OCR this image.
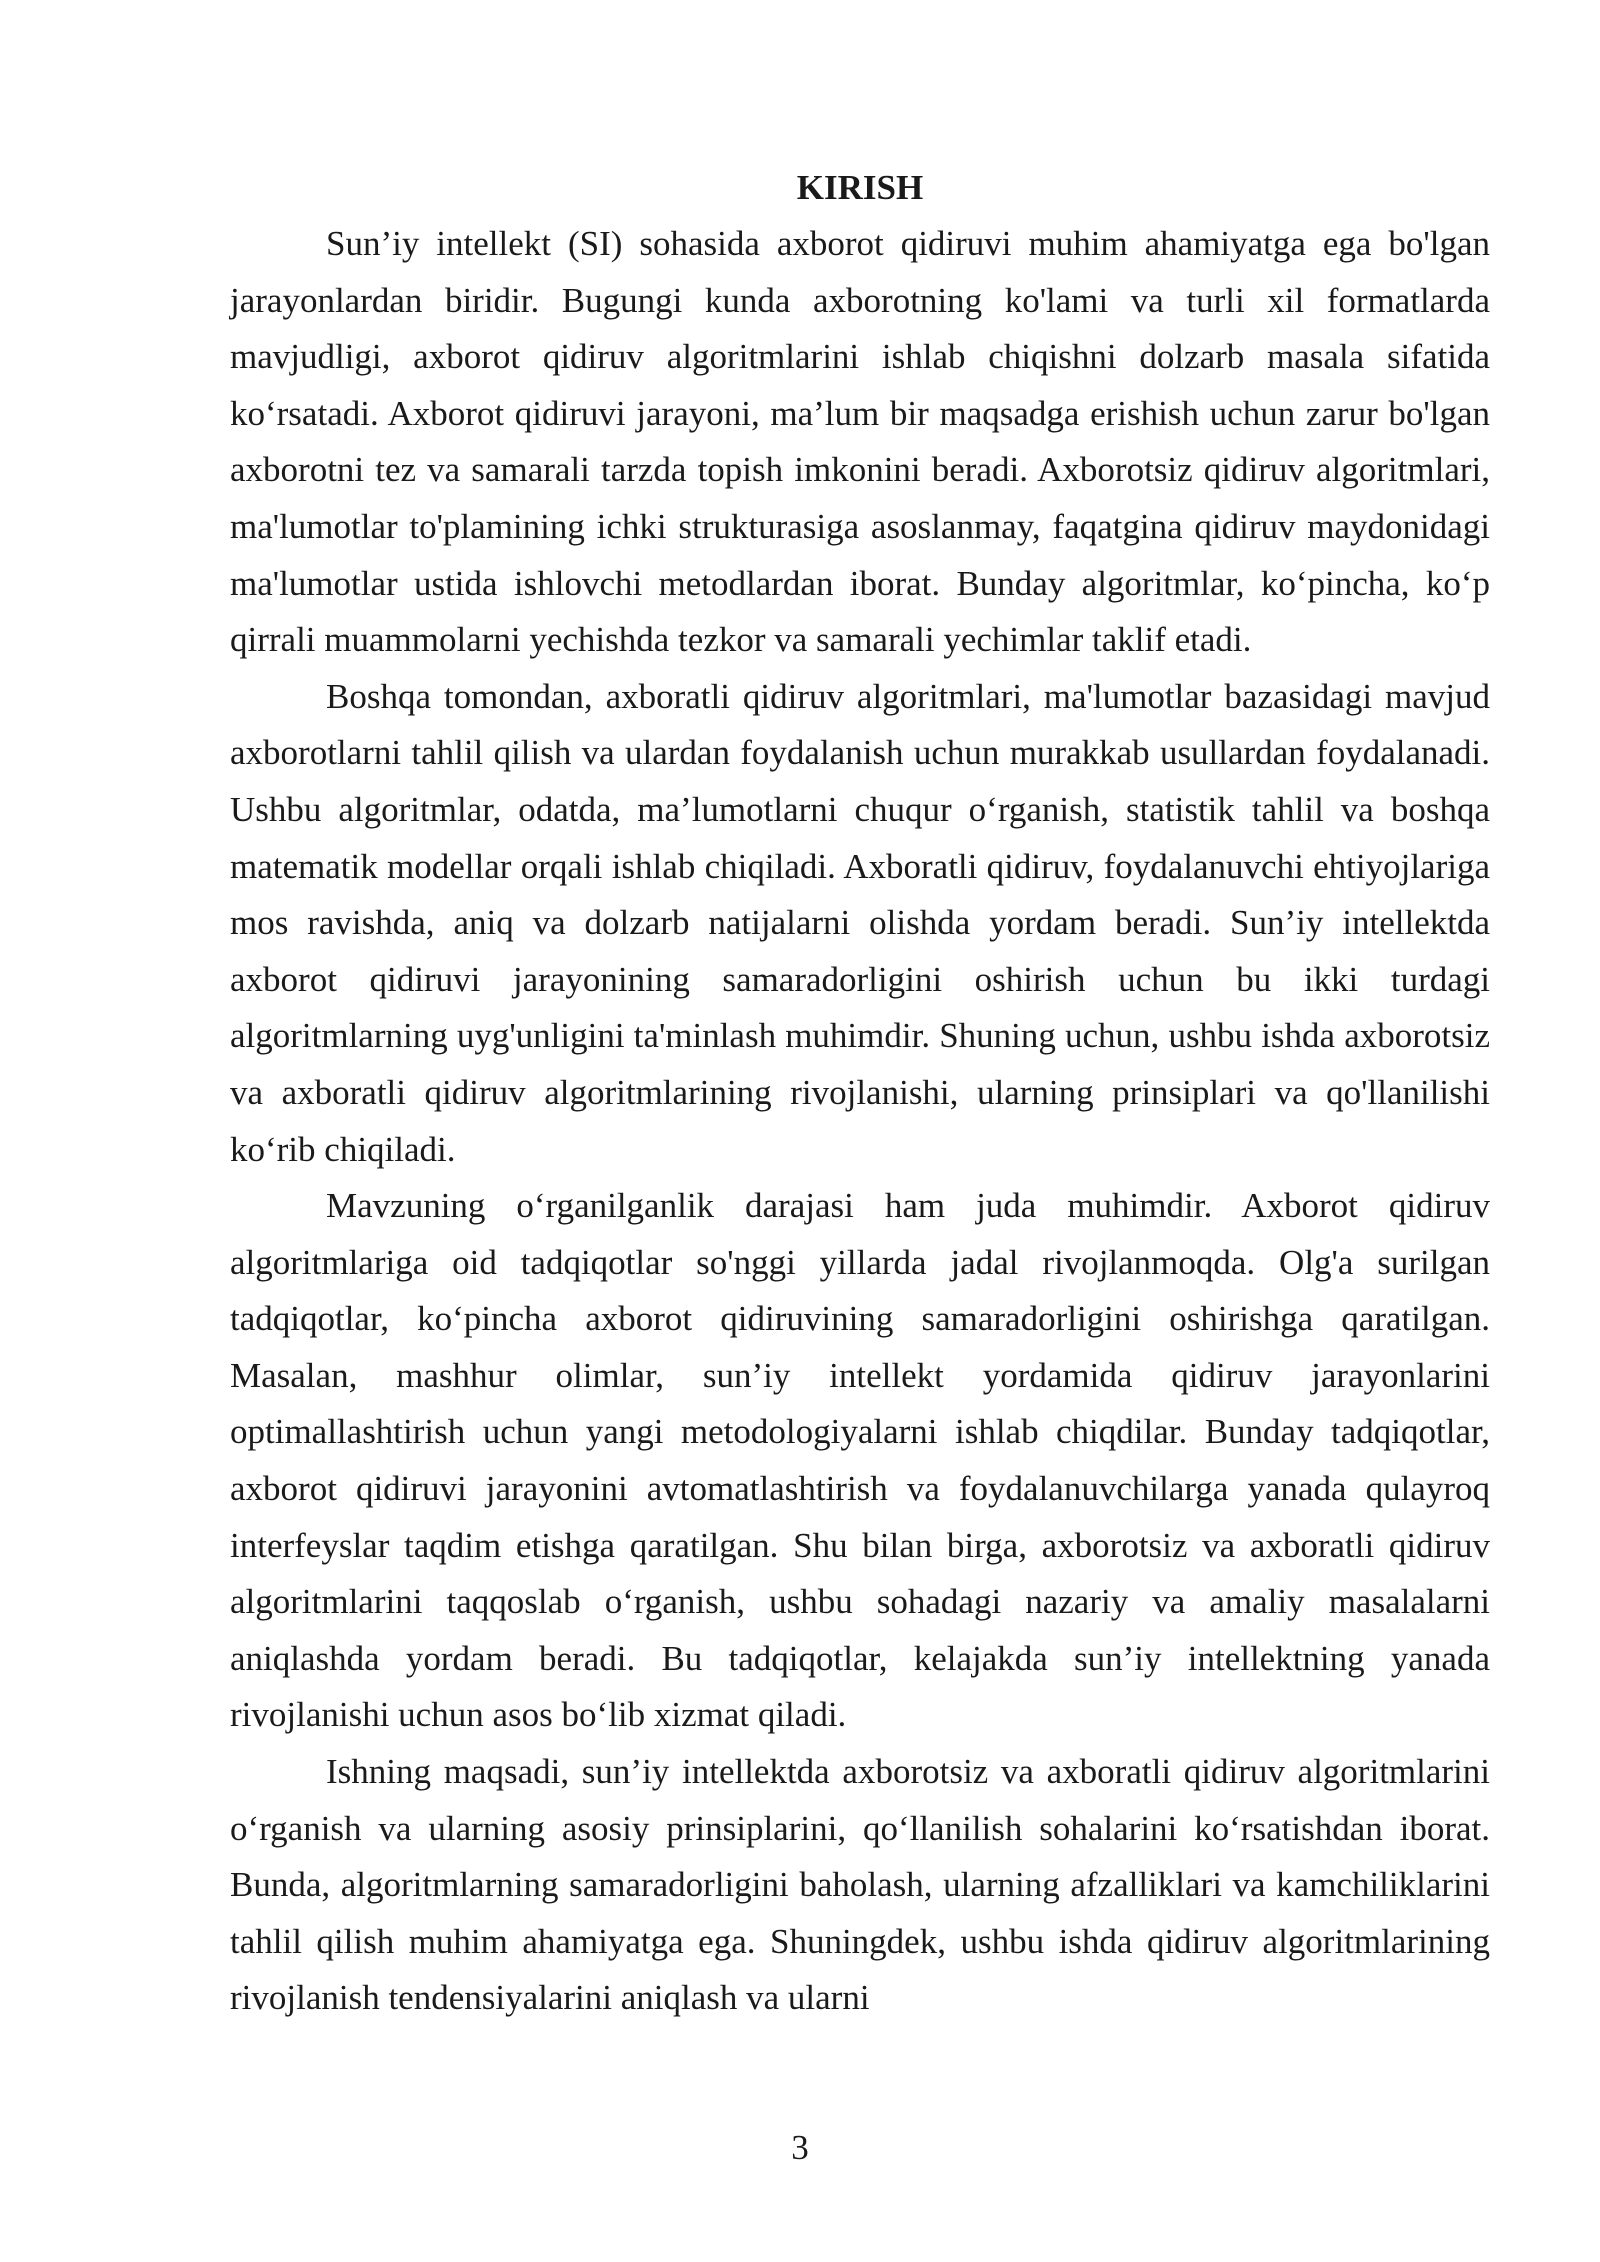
KIRISH

Sun’iy intellekt (SI) sohasida axborot qidiruvi muhim ahamiyatga ega bo'lgan jarayonlardan biridir. Bugungi kunda axborotning ko'lami va turli xil formatlarda mavjudligi, axborot qidiruv algoritmlarini ishlab chiqishni dolzarb masala sifatida ko‘rsatadi. Axborot qidiruvi jarayoni, ma’lum bir maqsadga erishish uchun zarur bo'lgan axborotni tez va samarali tarzda topish imkonini beradi. Axborotsiz qidiruv algoritmlari, ma'lumotlar to'plamining ichki strukturasiga asoslanmay, faqatgina qidiruv maydonidagi ma'lumotlar ustida ishlovchi metodlardan iborat. Bunday algoritmlar, ko‘pincha, ko‘p qirrali muammolarni yechishda tezkor va samarali yechimlar taklif etadi.

Boshqa tomondan, axboratli qidiruv algoritmlari, ma'lumotlar bazasidagi mavjud axborotlarni tahlil qilish va ulardan foydalanish uchun murakkab usullardan foydalanadi. Ushbu algoritmlar, odatda, ma’lumotlarni chuqur o‘rganish, statistik tahlil va boshqa matematik modellar orqali ishlab chiqiladi. Axboratli qidiruv, foydalanuvchi ehtiyojlariga mos ravishda, aniq va dolzarb natijalarni olishda yordam beradi. Sun’iy intellektda axborot qidiruvi jarayonining samaradorligini oshirish uchun bu ikki turdagi algoritmlarning uyg'unligini ta'minlash muhimdir. Shuning uchun, ushbu ishda axborotsiz va axboratli qidiruv algoritmlarining rivojlanishi, ularning prinsiplari va qo'llanilishi ko‘rib chiqiladi.

Mavzuning o‘rganilganlik darajasi ham juda muhimdir. Axborot qidiruv algoritmlariga oid tadqiqotlar so'nggi yillarda jadal rivojlanmoqda. Olg'a surilgan tadqiqotlar, ko‘pincha axborot qidiruvining samaradorligini oshirishga qaratilgan. Masalan, mashhur olimlar, sun’iy intellekt yordamida qidiruv jarayonlarini optimallashtirish uchun yangi metodologiyalarni ishlab chiqdilar. Bunday tadqiqotlar, axborot qidiruvi jarayonini avtomatlashtirish va foydalanuvchilarga yanada qulayroq interfeyslar taqdim etishga qaratilgan. Shu bilan birga, axborotsiz va axboratli qidiruv algoritmlarini taqqoslab o‘rganish, ushbu sohadagi nazariy va amaliy masalalarni aniqlashda yordam beradi. Bu tadqiqotlar, kelajakda sun’iy intellektning yanada rivojlanishi uchun asos bo‘lib xizmat qiladi.

Ishning maqsadi, sun’iy intellektda axborotsiz va axboratli qidiruv algoritmlarini o‘rganish va ularning asosiy prinsiplarini, qo‘llanilish sohalarini ko‘rsatishdan iborat. Bunda, algoritmlarning samaradorligini baholash, ularning afzalliklari va kamchiliklarini tahlil qilish muhim ahamiyatga ega. Shuningdek, ushbu ishda qidiruv algoritmlarining rivojlanish tendensiyalarini aniqlash va ularni

3
